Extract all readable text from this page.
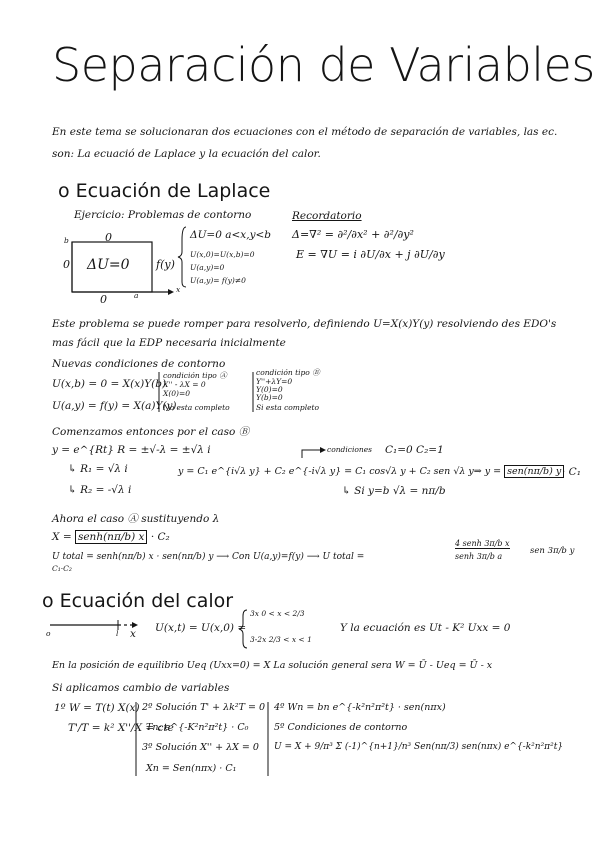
Separación de Variables
En este tema se solucionaran dos ecuaciones con el método de separación de variables, las ec.
son: La ecuació de Laplace y la ecuación del calor.
o Ecuación de Laplace
Ejercicio: Problemas de contorno
0
0	f(y)
0
ΔU=0
b
a
x
ΔU=0 a<x,y<b
U(x,0)=U(x,b)=0
U(a,y)=0
U(a,y)= f(y)≠0
Recordatorio
Δ=∇² = ∂²/∂x² + ∂²/∂y²
E = ∇U = i ∂U/∂x + j ∂U/∂y
Este problema se puede romper para resolverlo, definiendo U=X(x)Y(y) resolviendo des EDO's
mas fácil que la EDP necesaria inicialmente
Nuevas condiciones de contorno
U(x,b) = 0 = X(x)Y(b)
U(a,y) = f(y) = X(a)Y(y)
condición tipo Ⓐ
X'' - λX = 0
X(0)=0
No esta completo
condición tipo Ⓑ
Y''+λY=0
Y(0)=0
Y(b)=0
Si esta completo
Comenzamos entonces por el caso Ⓑ
y = e^{Rt} R = ±√-λ = ±√λ i
↳ R₁ = √λ i
↳ R₂ = -√λ i
condiciones C₁=0 C₂=1
y = C₁ e^{i√λ y} + C₂ e^{-i√λ y} = C₁ cos√λ y + C₂ sen √λ y⇒ y = sen(nπ/b) y · C₁
↳ Si y=b √λ = nπ/b
Ahora el caso Ⓐ sustituyendo λ
X = senh(nπ/b) x · C₂
U total = senh(nπ/b) x · sen(nπ/b) y ⟶ Con U(a,y)=f(y) ⟶ U total =
C₁·C₂
4 senh 3π/b x
senh 3π/b a
sen 3π/b y
o Ecuación del calor
o	l x U(x,t) = U(x,0) =
3x 0 < x < 2/3
3-2x 2/3 < x < 1
Y la ecuación es Ut - K² Uxx = 0
En la posición de equilibrio Ueq (Uxx=0) = X La solución general sera W = Ū - Ueq = Ū - x
Si aplicamos cambio de variables
1º W = T(t) X(x)
T'/T = k² X''/X = cte
2º Solución T' + λk²T = 0
Tn: e^{-K²n²π²t} · C₀
3º Solución X'' + λX = 0
Xn = Sen(nπx) · C₁
4º Wn = bn e^{-k²n²π²t} · sen(nπx)
5º Condiciones de contorno
U = X + 9/π³ Σ (-1)^{n+1}/n³ Sen(nπ/3) sen(nπx) e^{-k²n²π²t}
